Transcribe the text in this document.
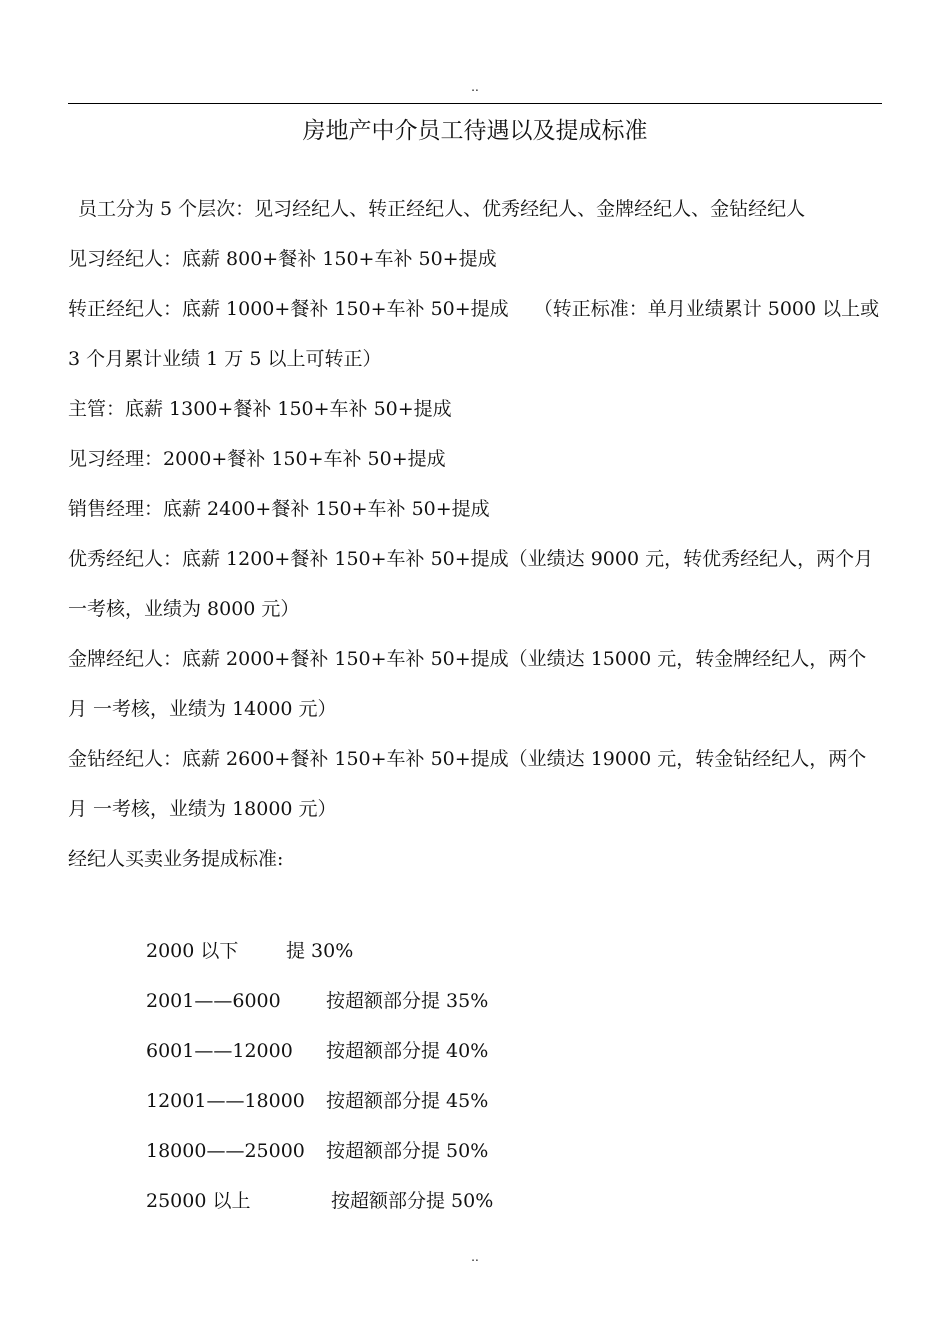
..
房地产中介员工待遇以及提成标准

员工分为 5 个层次：见习经纪人、转正经纪人、优秀经纪人、金牌经纪人、金钻经纪人

见习经纪人：底薪 800+餐补 150+车补 50+提成

转正经纪人：底薪 1000+餐补 150+车补 50+提成　 （转正标准：单月业绩累计 5000 以上或 3 个月累计业绩 1 万 5 以上可转正）

主管：底薪 1300+餐补 150+车补 50+提成

见习经理：2000+餐补 150+车补 50+提成

销售经理：底薪 2400+餐补 150+车补 50+提成

优秀经纪人：底薪 1200+餐补 150+车补 50+提成（业绩达 9000 元，转优秀经纪人，两个月 一考核，业绩为 8000 元）

金牌经纪人：底薪 2000+餐补 150+车补 50+提成（业绩达 15000 元，转金牌经纪人，两个月 一考核，业绩为 14000 元）

金钻经纪人：底薪 2600+餐补 150+车补 50+提成（业绩达 19000 元，转金钻经纪人，两个月 一考核，业绩为 18000 元）

经纪人买卖业务提成标准:

2000 以下	提 30%
2001——6000 按超额部分提 35%
6001——12000 按超额部分提 40%
12001——18000 按超额部分提 45%
18000——25000 按超额部分提 50%
25000 以上	按超额部分提 50%
..
